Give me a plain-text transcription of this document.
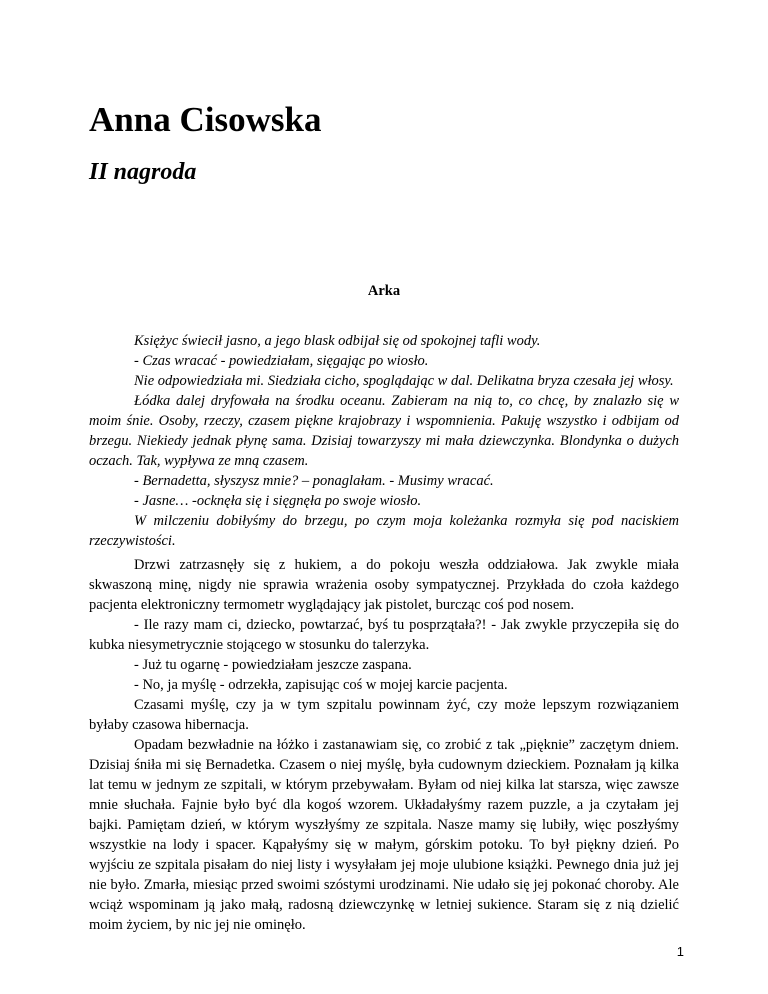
Anna Cisowska
II nagroda
Arka

Księżyc świecił jasno, a jego blask odbijał się od spokojnej tafli wody.

- Czas wracać - powiedziałam, sięgając po wiosło.

Nie odpowiedziała mi. Siedziała cicho, spoglądając w dal. Delikatna bryza czesała jej włosy.

Łódka dalej dryfowała na środku oceanu. Zabieram na nią to, co chcę, by znalazło się w moim śnie. Osoby, rzeczy, czasem piękne krajobrazy i wspomnienia. Pakuję wszystko i odbijam od brzegu. Niekiedy jednak płynę sama. Dzisiaj towarzyszy mi mała dziewczynka. Blondynka o dużych oczach. Tak, wypływa ze mną czasem.

- Bernadetta, słyszysz mnie? – ponaglałam. - Musimy wracać.

- Jasne… -ocknęła się i sięgnęła po swoje wiosło.

W milczeniu dobiłyśmy do brzegu, po czym moja koleżanka rozmyła się pod naciskiem rzeczywistości.

Drzwi zatrzasnęły się z hukiem, a do pokoju weszła oddziałowa. Jak zwykle miała skwaszoną minę, nigdy nie sprawia wrażenia osoby sympatycznej. Przykłada do czoła każdego pacjenta elektroniczny termometr wyglądający jak pistolet, burcząc coś pod nosem.

- Ile razy mam ci, dziecko, powtarzać, byś tu posprzątała?! - Jak zwykle przyczepiła się do kubka niesymetrycznie stojącego w stosunku do talerzyka.

- Już tu ogarnę - powiedziałam jeszcze zaspana.

- No, ja myślę - odrzekła, zapisując coś w mojej karcie pacjenta.

Czasami myślę, czy ja w tym szpitalu powinnam żyć, czy może lepszym rozwiązaniem byłaby czasowa hibernacja.

Opadam bezwładnie na łóżko i zastanawiam się, co zrobić z tak „pięknie” zaczętym dniem. Dzisiaj śniła mi się Bernadetka. Czasem o niej myślę, była cudownym dzieckiem. Poznałam ją kilka lat temu w jednym ze szpitali, w którym przebywałam. Byłam od niej kilka lat starsza, więc zawsze mnie słuchała. Fajnie było być dla kogoś wzorem. Układałyśmy razem puzzle, a ja czytałam jej bajki. Pamiętam dzień, w którym wyszłyśmy ze szpitala. Nasze mamy się lubiły, więc poszłyśmy wszystkie na lody i spacer. Kąpałyśmy się w małym, górskim potoku. To był piękny dzień. Po wyjściu ze szpitala pisałam do niej listy i wysyłałam jej moje ulubione książki. Pewnego dnia już jej nie było. Zmarła, miesiąc przed swoimi szóstymi urodzinami. Nie udało się jej pokonać choroby. Ale wciąż wspominam ją jako małą, radosną dziewczynkę w letniej sukience. Staram się z nią dzielić moim życiem, by nic jej nie ominęło.

1
